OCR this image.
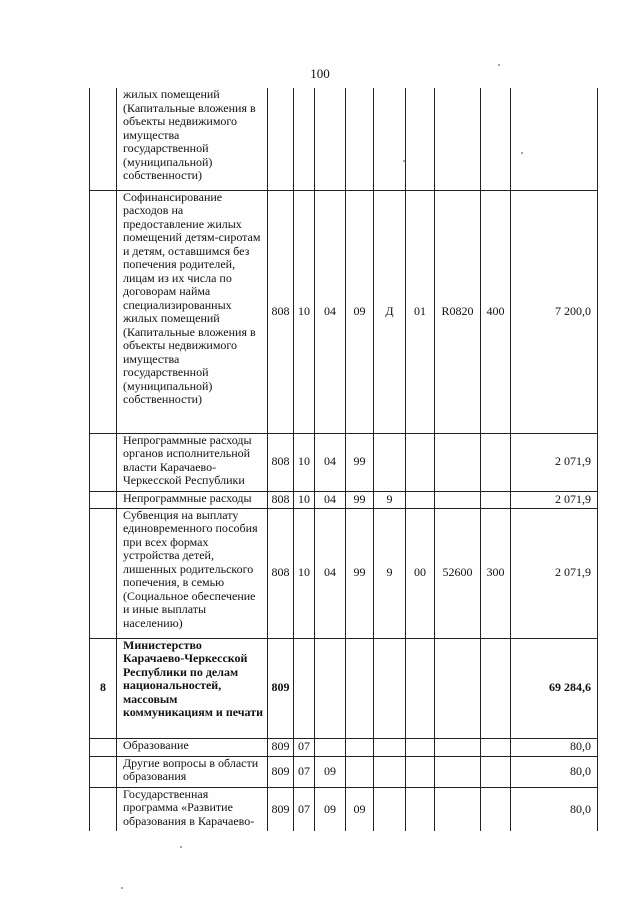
100
	жилых помещений (Капитальные вложения в объекты недвижимого имущества государственной (муниципальной) собственности)									
	Софинансирование расходов на предоставление жилых помещений детям-сиротам и детям, оставшимся без попечения родителей, лицам из их числа по договорам найма специализированных жилых помещений (Капитальные вложения в объекты недвижимого имущества государственной (муниципальной) собственности)	808	10	04	09	Д	01	R0820	400	7 200,0
	Непрограммные расходы органов исполнительной власти Карачаево-Черкесской Республики	808	10	04	99					2 071,9
	Непрограммные расходы	808	10	04	99	9				2 071,9
	Субвенция на выплату единовременного пособия при всех формах устройства детей, лишенных родительского попечения, в семью (Социальное обеспечение и иные выплаты населению)	808	10	04	99	9	00	52600	300	2 071,9
8	Министерство Карачаево-Черкесской Республики по делам национальностей, массовым коммуникациям и печати	809								69 284,6
	Образование	809	07							80,0
	Другие вопросы в области образования	809	07	09						80,0
	Государственная программа «Развитие образования в Карачаево-	809	07	09	09					80,0
